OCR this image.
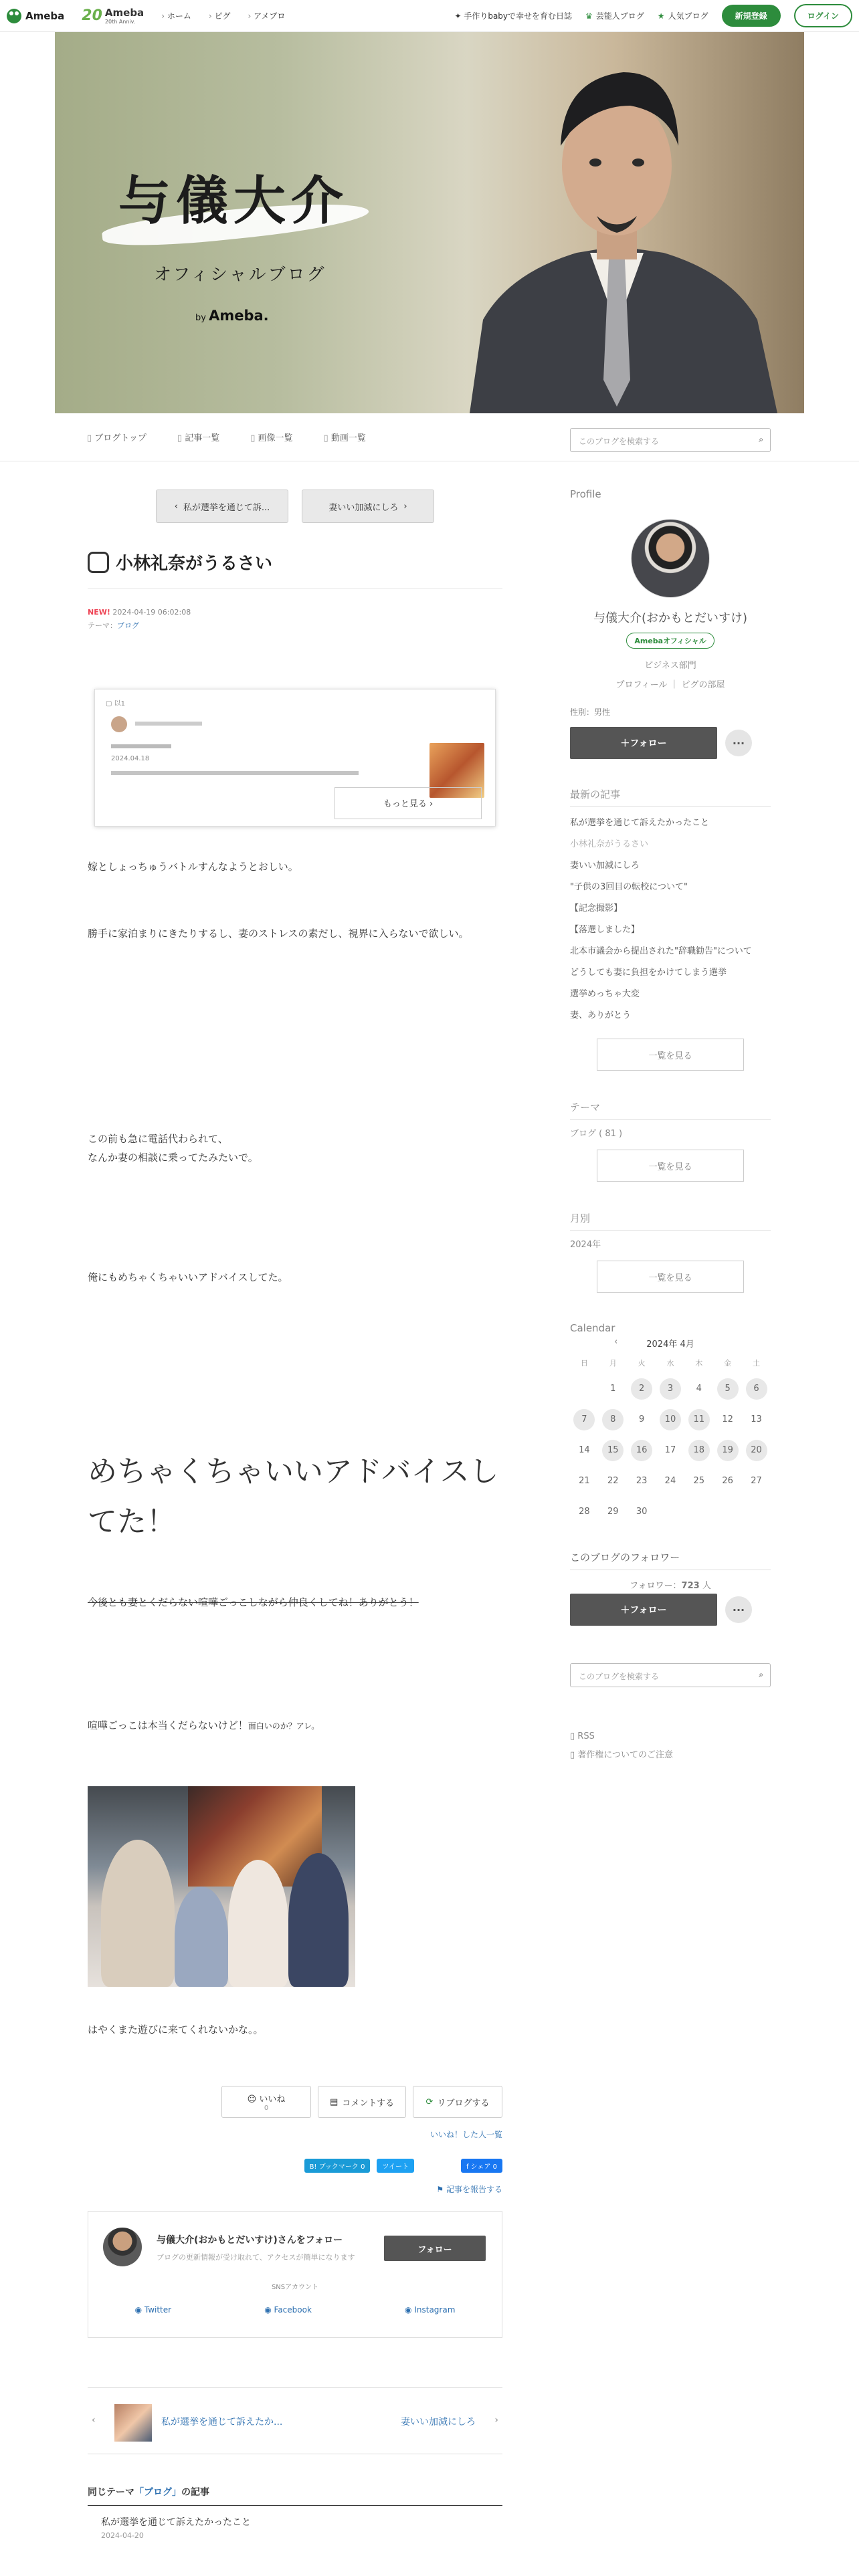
Ameba 20 Ameba
20th Anniv.
› ホーム	› ピグ	› アメブロ	✦ 手作りbabyで幸せを育む日誌 ♛ 芸能人ブログ ★ 人気ブログ	新規登録	ログイン
与儀大介
オフィシャルブログ
by Ameba.
▯ ブログトップ	▯ 記事一覧	▯ 画像一覧	▯ 動画一覧	このブログを検索する	⌕
‹ 私が選挙を通じて訴...	妻いい加減にしろ ›
小林礼奈がうるさい
NEW! 2024-04-19 06:02:08
テーマ：ブログ
▢ 以1
2024.04.18
もっと見る ›

嫁としょっちゅうバトルすんなようとおしい。

勝手に家泊まりにきたりするし、妻のストレスの素だし、視界に入らないで欲しい。

この前も急に電話代わられて、

なんか妻の相談に乗ってたみたいで。

俺にもめちゃくちゃいいアドバイスしてた。

めちゃくちゃいいアドバイスしてた！

今後とも妻とくだらない喧嘩ごっこしながら仲良くしてね！ありがとう！

喧嘩ごっこは本当くだらないけど！面白いのか？アレ。

はやくまた遊びに来てくれないかな。。

☺ いいね
0
▤ コメントする	⟳ リブログする
いいね！した人一覧
B! ブックマーク 0	ツイート	f シェア 0
⚑ 記事を報告する
与儀大介(おかもとだいすけ)さんをフォロー
ブログの更新情報が受け取れて、アクセスが簡単になります
フォロー
SNSアカウント
◉ Twitter	◉ Facebook	◉ Instagram
‹	私が選挙を通じて訴えたか...	妻いい加減にしろ ›
同じテーマ「ブログ」の記事
私が選挙を通じて訴えたかったこと
2024-04-20
Profile
与儀大介(おかもとだいすけ)
Amebaオフィシャル
ビジネス部門
プロフィール ｜ ピグの部屋
性別：男性
＋フォロー	···
最新の記事
私が選挙を通じて訴えたかったこと
小林礼奈がうるさい
妻いい加減にしろ
"子供の3回目の転校について"
【記念撮影】
【落選しました】
北本市議会から提出された"辞職勧告"について
どうしても妻に負担をかけてしまう選挙
選挙めっちゃ大変
妻、ありがとう
一覧を見る
テーマ
ブログ ( 81 )
一覧を見る
月別
2024年
一覧を見る
Calendar
‹	2024年 4月
日	月	火	水	木	金	土
	1	2	3	4	5	6
7	8	9	10	11	12	13
14	15	16	17	18	19	20
21	22	23	24	25	26	27
28	29	30				
このブログのフォロワー
フォロワー：723 人
＋フォロー	···
このブログを検索する	⌕
▯ RSS
▯ 著作権についてのご注意
